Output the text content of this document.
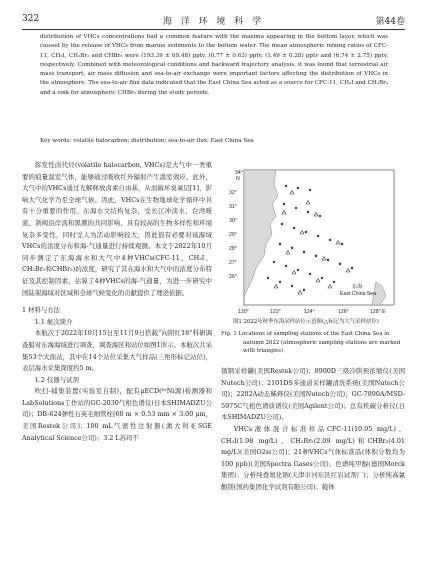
322	海 洋 环 境 科 学	第44卷
distribution of VHCs concentrations had a common feature with the maxima appearing in the bottom layer, which was caused by the release of VHCs from marine sediments to the bottom water. The mean atmospheric mixing ratios of CFC-11, CH₃I, CH₂Br₂ and CHBr₃ were (193.39 ± 69.48) pptv, (0.77 ± 0.63) pptv, (1.49 ± 0.28) pptv and (6.74 ± 2.75) pptv, respectively. Combined with meteorological conditions and backward trajectory analysis, it was found that terrestrial air mass transport, air mass diffusion and sea-to-air exchange were important factors affecting the distribution of VHCs in the atmosphere. The sea-to-air flux data indicated that the East China Sea acted as a source for CFC-11, CH₃I and CH₂Br₂ and a sink for atmospheric CHBr₃ during the study periods.
Key words: volatile halocarbon; distribution; sea-to-air flux; East China Sea

挥发性卤代烃(volatile halocarbon, VHCs)是大气中一类重要的痕量温室气体，能够通过吸收红外辐射产生温室效应。此外，大气中的VHCs通过光解释放卤素自由基，从而破坏臭氧层[1]，影响大气化学乃至全球气候。因此，VHCs在生物地球化学循环中具有十分重要的作用。东海水文结构复杂，受长江冲淡水、台湾暖流、浙闽沿岸流和黑潮的共同影响，具有较高的生物多样性和环境复杂多变性，同时受人为活动影响较大，因此很有必要对该海域VHCs的浓度分布和海-气通量进行持续观测。本文于2022年10月同步测定了东海海水和大气中4种VHCs(CFC-11、CH₃I、CH₂Br₂和CHBr₃)的浓度，研究了其在海水和大气中的浓度分布特征及其控制因素，估算了4种VHCs的海-气通量，为进一步研究中国陆架海域对区域和全球气候变化的贡献提供了理论依据。

1 材料与方法

1.1 航次简介

本航次于2022年10月15日至11月9日搭载“向阳红18”科研调查船对东海海域进行调查，调查海区和站位如图1所示。本航次共采集53个大面站，其中在14个站位采集大气样品(三角形标记站位)，表层海水采集深度约5 m。

1.2 仪器与试剂

吹扫-捕集装置(实验室自制)，配有μECD(⁶³Ni源)检测器和LabSolutions工作站的GC-2030气相色谱仪(日本SHIMADZU公司)；DB-624弹性石英毛细管柱(60 m × 0.53 mm × 3.00 μm，美国Restek公司)；100 mL气密性注射器(澳大利亚SGE Analytical Science公司)；3.2 L苏玛不

34°
N
32°
31°
30°
29°
28°
27°
26°
120°	122°	124°	126°	128° E
东海
East China Sea
图1 2022年秋季东海采样站位示意图(△标记为大气采样站位)
Fig. 1 Locations of sampling stations of the East China Sea in autumn 2022 (atmospheric sampling stations are marked with triangles)

锈钢采样罐(美国Restek公司)；8900D三级冷阱预浓缩仪(美国Nutech公司)；2101DS多通道采样罐清洗系统(美国Nutech公司)；2202A动态稀释仪(美国Nutech公司)；GC-7890A/MSD-5975C气相色谱质谱仪(美国Agilent公司)；总有机碳分析仪(日本SHIMADZU公司)。

VHCs液体混合标准样品CFC-11(10.05 mg/L)、CH₃I(1.98 mg/L)、CH₂Br₂(2.09 mg/L)和CHBr₃(4.01 mg/L)(美国O2si公司)；21种VHCs气体标准品(体积分数均为100 ppb)(美国Spectra Gases公司)；色谱纯甲醇(德国Merck集团)；分析纯叠氮化钠(天津市河东区红岩试剂厂)；分析纯高氯酸镁(国药集团化学试剂有限公司)；载体
